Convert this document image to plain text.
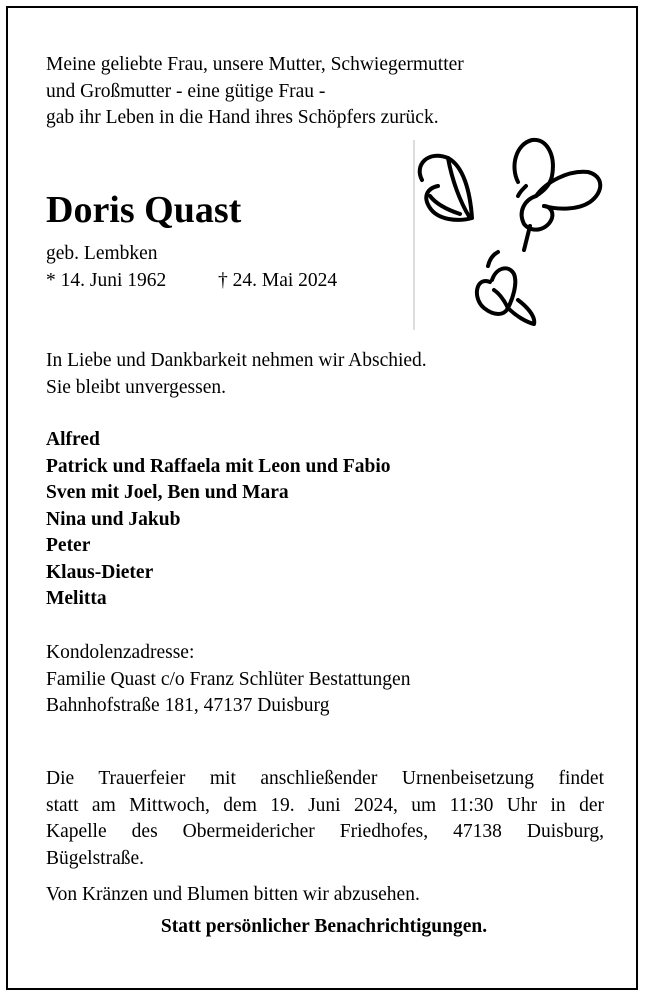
Meine geliebte Frau, unsere Mutter, Schwiegermutter
und Großmutter - eine gütige Frau -
gab ihr Leben in die Hand ihres Schöpfers zurück.
Doris Quast
geb. Lembken
* 14. Juni 1962	† 24. Mai 2024
In Liebe und Dankbarkeit nehmen wir Abschied.
Sie bleibt unvergessen.
Alfred
Patrick und Raffaela mit Leon und Fabio
Sven mit Joel, Ben und Mara
Nina und Jakub
Peter
Klaus-Dieter
Melitta
Kondolenzadresse:
Familie Quast c/o Franz Schlüter Bestattungen
Bahnhofstraße 181, 47137 Duisburg
Die Trauerfeier mit anschließender Urnenbeisetzung findet
statt am Mittwoch, dem 19. Juni 2024, um 11:30 Uhr in der
Kapelle des Obermeidericher Friedhofes, 47138 Duisburg,
Bügelstraße.
Von Kränzen und Blumen bitten wir abzusehen.
Statt persönlicher Benachrichtigungen.
